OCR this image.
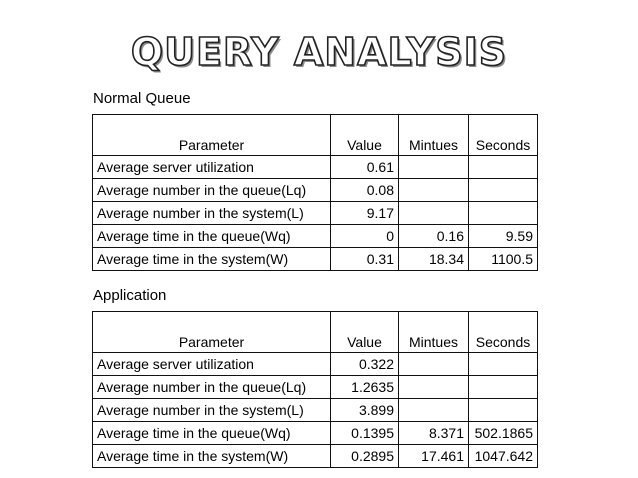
QUERY ANALYSIS
Normal Queue
Parameter	Value	Mintues	Seconds
Average server utilization	0.61		
Average number in the queue(Lq)	0.08		
Average number in the system(L)	9.17		
Average time in the queue(Wq)	0	0.16	9.59
Average time in the system(W)	0.31	18.34	1100.5
Application
Parameter	Value	Mintues	Seconds
Average server utilization	0.322		
Average number in the queue(Lq)	1.2635		
Average number in the system(L)	3.899		
Average time in the queue(Wq)	0.1395	8.371	502.1865
Average time in the system(W)	0.2895	17.461	1047.642
